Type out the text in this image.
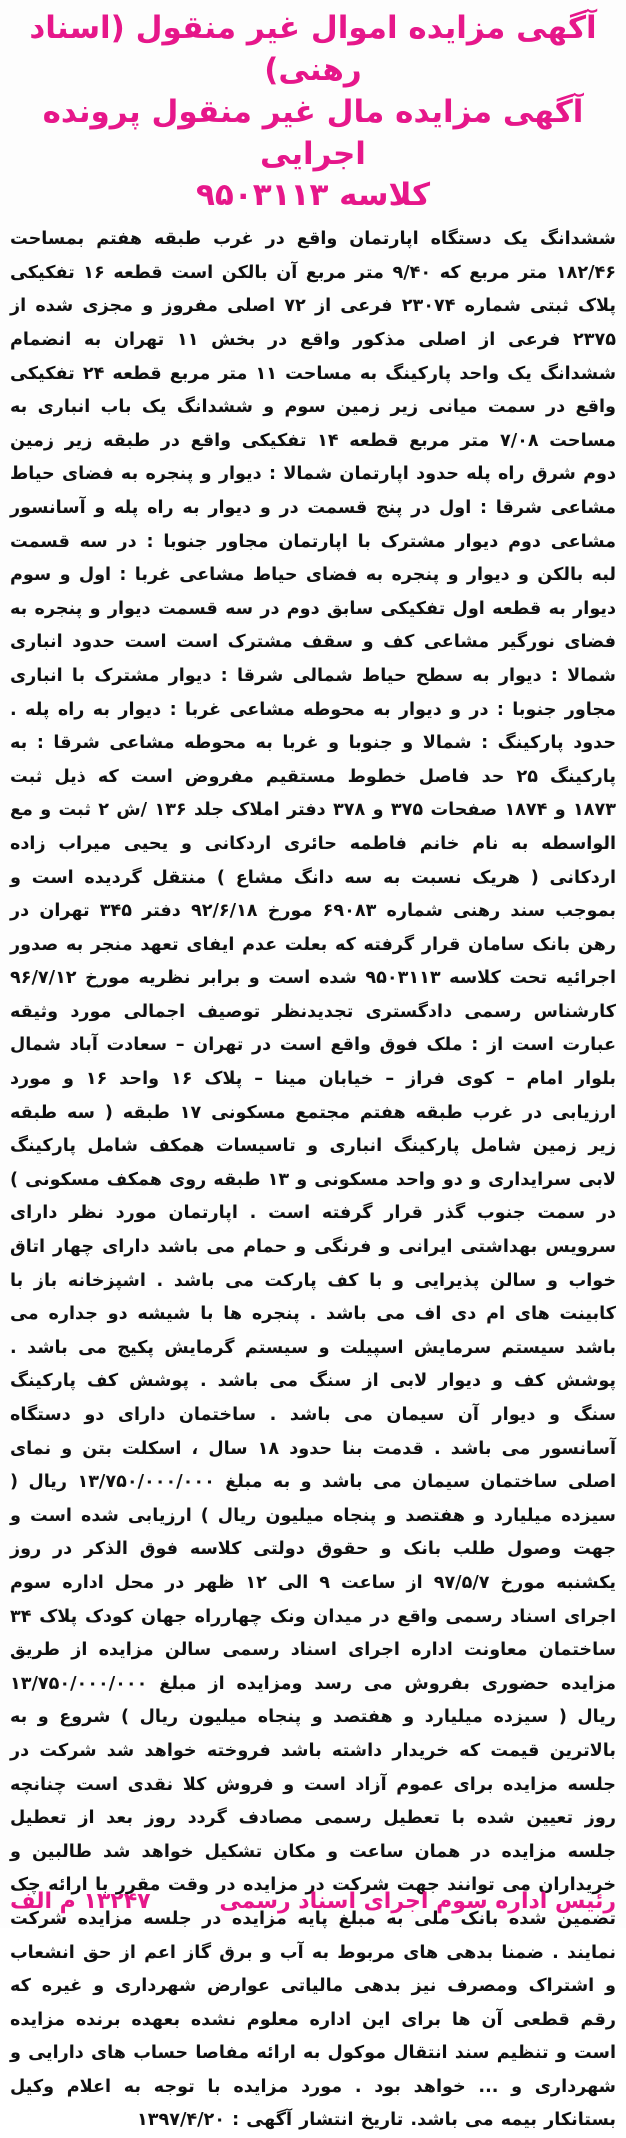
آگهی مزایده اموال غیر منقول (اسناد رهنی)
آگهی مزایده مال غیر منقول پرونده اجرایی
کلاسه ۹۵۰۳۱۱۳

ششدانگ یک دستگاه اپارتمان واقع در غرب طبقه هفتم بمساحت ۱۸۲/۴۶ متر مربع که ۹/۴۰ متر مربع آن بالکن است قطعه ۱۶ تفکیکی پلاک ثبتی شماره ۲۳۰۷۴ فرعی از ۷۲ اصلی مفروز و مجزی شده از ۲۳۷۵ فرعی از اصلی مذکور واقع در بخش ۱۱ تهران به انضمام ششدانگ یک واحد پارکینگ به مساحت ۱۱ متر مربع قطعه ۲۴ تفکیکی واقع در سمت میانی زیر زمین سوم و ششدانگ یک باب انباری به مساحت ۷/۰۸ متر مربع قطعه ۱۴ تفکیکی واقع در طبقه زیر زمین دوم شرق راه پله حدود اپارتمان شمالا : دیوار و پنجره به فضای حیاط مشاعی شرقا : اول در پنج قسمت در و دیوار به راه پله و آسانسور مشاعی دوم دیوار مشترک با اپارتمان مجاور جنوبا : در سه قسمت لبه بالکن و دیوار و پنجره به فضای حیاط مشاعی غربا : اول و سوم دیوار به قطعه اول تفکیکی سابق دوم در سه قسمت دیوار و پنجره به فضای نورگیر مشاعی کف و سقف مشترک است است حدود انباری شمالا : دیوار به سطح حیاط شمالی شرقا : دیوار مشترک با انباری مجاور جنوبا : در و دیوار به محوطه مشاعی غربا : دیوار به راه پله . حدود پارکینگ : شمالا و جنوبا و غربا به محوطه مشاعی شرقا : به پارکینگ ۲۵ حد فاصل خطوط مستقیم مفروض است که ذیل ثبت ۱۸۷۳ و ۱۸۷۴ صفحات ۳۷۵ و ۳۷۸ دفتر املاک جلد ۱۳۶ /ش ۲ ثبت و مع الواسطه به نام خانم فاطمه حائری اردکانی و یحیی میراب زاده اردکانی ( هریک نسبت به سه دانگ مشاع ) منتقل گردیده است و بموجب سند رهنی شماره ۶۹۰۸۳ مورخ ۹۲/۶/۱۸ دفتر ۳۴۵ تهران در رهن بانک سامان قرار گرفته که بعلت عدم ایفای تعهد منجر به صدور اجرائیه تحت کلاسه ۹۵۰۳۱۱۳ شده است و برابر نظریه مورخ ۹۶/۷/۱۲ کارشناس رسمی دادگستری تجدیدنظر توصیف اجمالی مورد وثیقه عبارت است از : ملک فوق واقع است در تهران – سعادت آباد شمال بلوار امام – کوی فراز – خیابان مینا – پلاک ۱۶ واحد ۱۶ و مورد ارزیابی در غرب طبقه هفتم مجتمع مسکونی ۱۷ طبقه ( سه طبقه زیر زمین شامل پارکینگ انباری و تاسیسات همکف شامل پارکینگ لابی سرایداری و دو واحد مسکونی و ۱۳ طبقه روی همکف مسکونی ) در سمت جنوب گذر قرار گرفته است . اپارتمان مورد نظر دارای سرویس بهداشتی ایرانی و فرنگی و حمام می باشد دارای چهار اتاق خواب و سالن پذیرایی و با کف پارکت می باشد . اشپزخانه باز با کابینت های ام دی اف می باشد . پنجره ها با شیشه دو جداره می باشد سیستم سرمایش اسپیلت و سیستم گرمایش پکیج می باشد . پوشش کف و دیوار لابی از سنگ می باشد . پوشش کف پارکینگ سنگ و دیوار آن سیمان می باشد . ساختمان دارای دو دستگاه آسانسور می باشد . قدمت بنا حدود ۱۸ سال ، اسکلت بتن و نمای اصلی ساختمان سیمان می باشد و به مبلغ ۱۳/۷۵۰/۰۰۰/۰۰۰ ریال ( سیزده میلیارد و هفتصد و پنجاه میلیون ریال ) ارزیابی شده است و جهت وصول طلب بانک و حقوق دولتی کلاسه فوق الذکر در روز یکشنبه مورخ ۹۷/۵/۷ از ساعت ۹ الی ۱۲ ظهر در محل اداره سوم اجرای اسناد رسمی واقع در میدان ونک چهارراه جهان کودک پلاک ۳۴ ساختمان معاونت اداره اجرای اسناد رسمی سالن مزایده از طریق مزایده حضوری بفروش می رسد ومزایده از مبلغ ۱۳/۷۵۰/۰۰۰/۰۰۰ ریال ( سیزده میلیارد و هفتصد و پنجاه میلیون ریال ) شروع و به بالاترین قیمت که خریدار داشته باشد فروخته خواهد شد شرکت در جلسه مزایده برای عموم آزاد است و فروش کلا نقدی است چنانچه روز تعیین شده با تعطیل رسمی مصادف گردد روز بعد از تعطیل جلسه مزایده در همان ساعت و مکان تشکیل خواهد شد طالبین و خریداران می توانند جهت شرکت در مزایده در وقت مقرر با ارائه چک تضمین شده بانک ملی به مبلغ پایه مزایده در جلسه مزایده شرکت نمایند . ضمنا بدهی های مربوط به آب و برق گاز اعم از حق انشعاب و اشتراک ومصرف نیز بدهی مالیاتی عوارض شهرداری و غیره که رقم قطعی آن ها برای این اداره معلوم نشده بعهده برنده مزایده است و تنظیم سند انتقال موکول به ارائه مفاصا حساب های دارایی و شهرداری و ... خواهد بود . مورد مزایده با توجه به اعلام وکیل بستانکار بیمه می باشد. تاریخ انتشار آگهی : ۱۳۹۷/۴/۲۰

رئیس اداره سوم اجرای اسناد رسمی
۱۳۲۴۷ م الف
